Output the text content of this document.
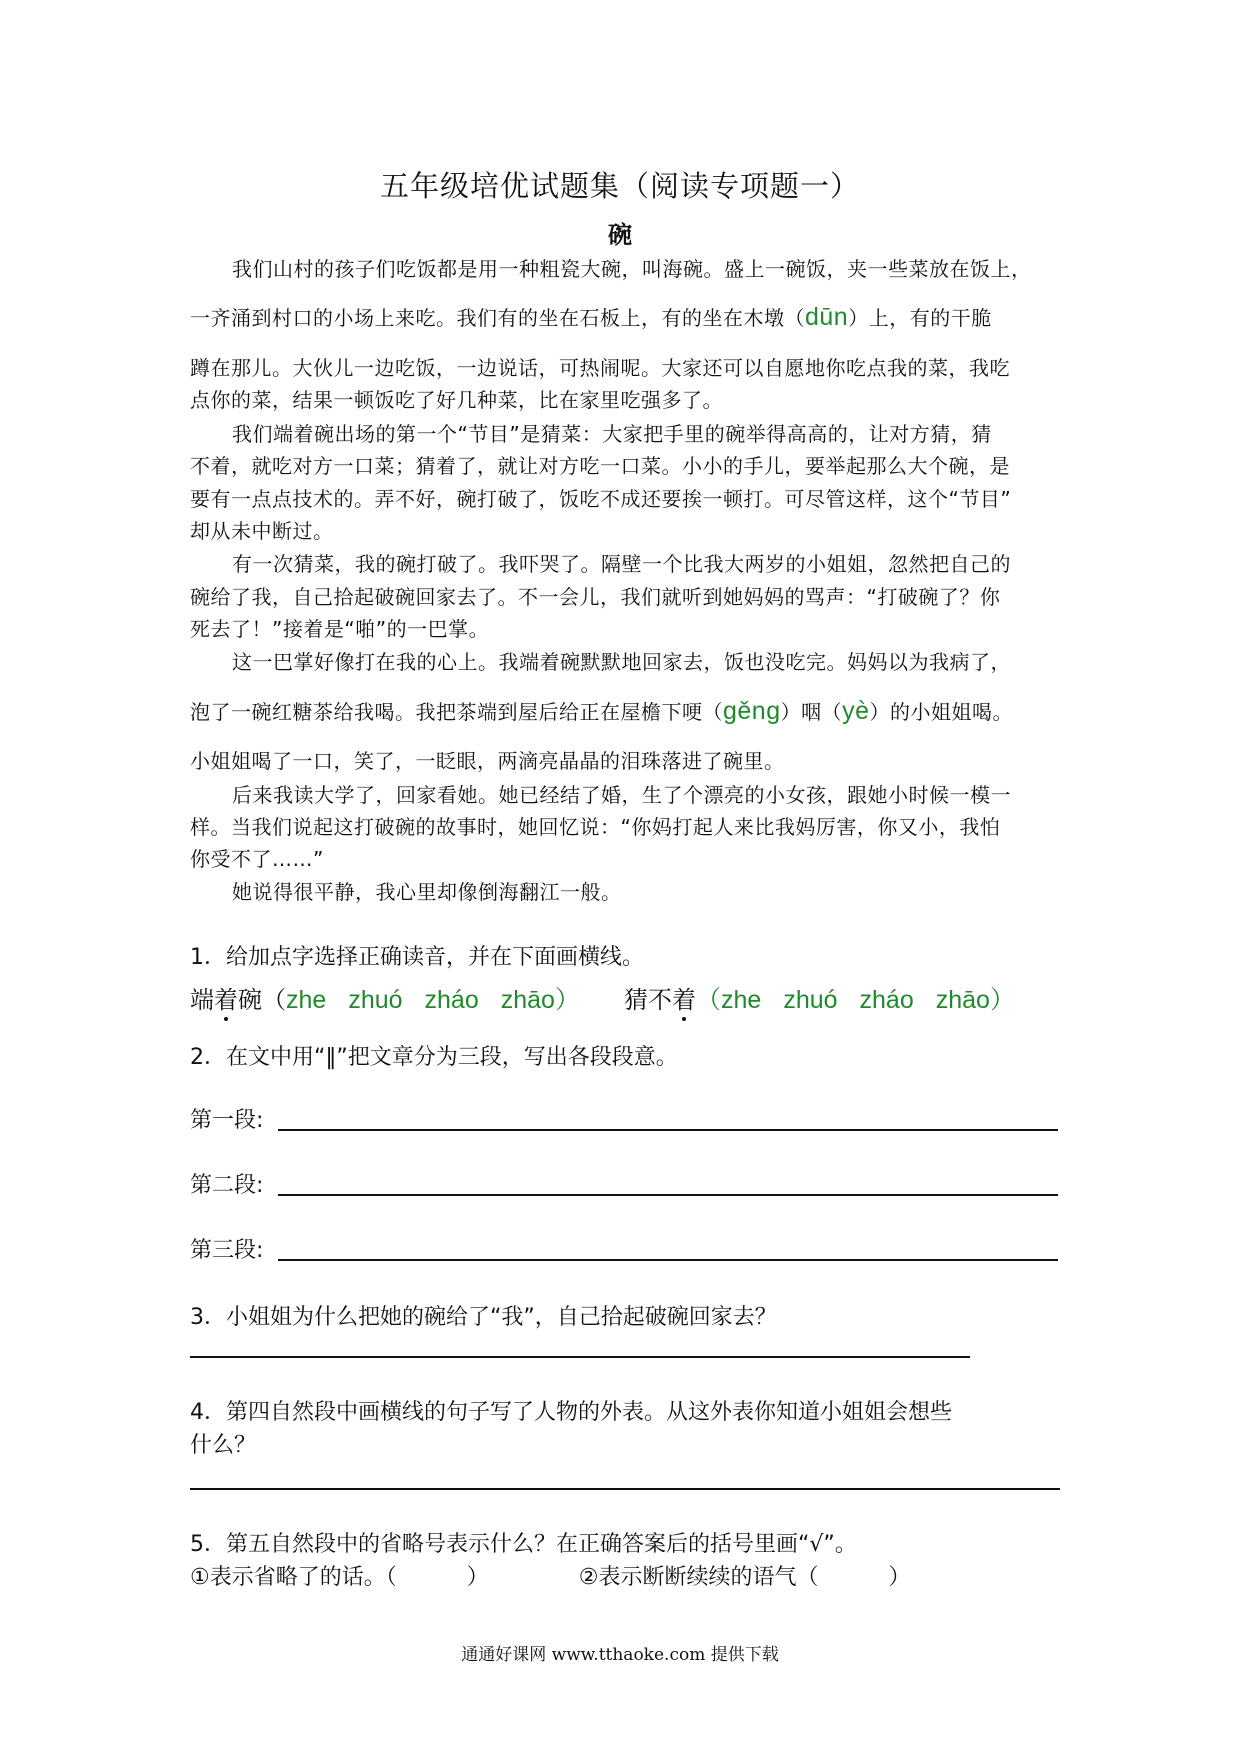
五年级培优试题集（阅读专项题一）
碗
我们山村的孩子们吃饭都是用一种粗瓷大碗，叫海碗。盛上一碗饭，夹一些菜放在饭上，
一齐涌到村口的小场上来吃。我们有的坐在石板上，有的坐在木墩（dūn）上，有的干脆
蹲在那儿。大伙儿一边吃饭，一边说话，可热闹呢。大家还可以自愿地你吃点我的菜，我吃
点你的菜，结果一顿饭吃了好几种菜，比在家里吃强多了。
我们端着碗出场的第一个“节目”是猜菜：大家把手里的碗举得高高的，让对方猜，猜
不着，就吃对方一口菜；猜着了，就让对方吃一口菜。小小的手儿，要举起那么大个碗，是
要有一点点技术的。弄不好，碗打破了，饭吃不成还要挨一顿打。可尽管这样，这个“节目”
却从未中断过。
有一次猜菜，我的碗打破了。我吓哭了。隔壁一个比我大两岁的小姐姐，忽然把自己的
碗给了我，自己拾起破碗回家去了。不一会儿，我们就听到她妈妈的骂声：“打破碗了？你
死去了！”接着是“啪”的一巴掌。
这一巴掌好像打在我的心上。我端着碗默默地回家去，饭也没吃完。妈妈以为我病了，
泡了一碗红糖茶给我喝。我把茶端到屋后给正在屋檐下哽（gěng）咽（yè）的小姐姐喝。
小姐姐喝了一口，笑了，一眨眼，两滴亮晶晶的泪珠落进了碗里。
后来我读大学了，回家看她。她已经结了婚，生了个漂亮的小女孩，跟她小时候一模一
样。当我们说起这打破碗的故事时，她回忆说：“你妈打起人来比我妈厉害，你又小，我怕
你受不了……”
她说得很平静，我心里却像倒海翻江一般。
1．给加点字选择正确读音，并在下面画横线。
端着碗（zhe zhuó zháo zhāo） 猜不着（zhe zhuó zháo zhāo）
2．在文中用“‖”把文章分为三段，写出各段段意。
第一段:
第二段:
第三段:
3．小姐姐为什么把她的碗给了“我”，自己拾起破碗回家去？
4．第四自然段中画横线的句子写了人物的外表。从这外表你知道小姐姐会想些
什么？
5．第五自然段中的省略号表示什么？在正确答案后的括号里画“√”。
①表示省略了的话。（	）	②表示断断续续的语气（	）
通通好课网 www.tthaoke.com 提供下载
